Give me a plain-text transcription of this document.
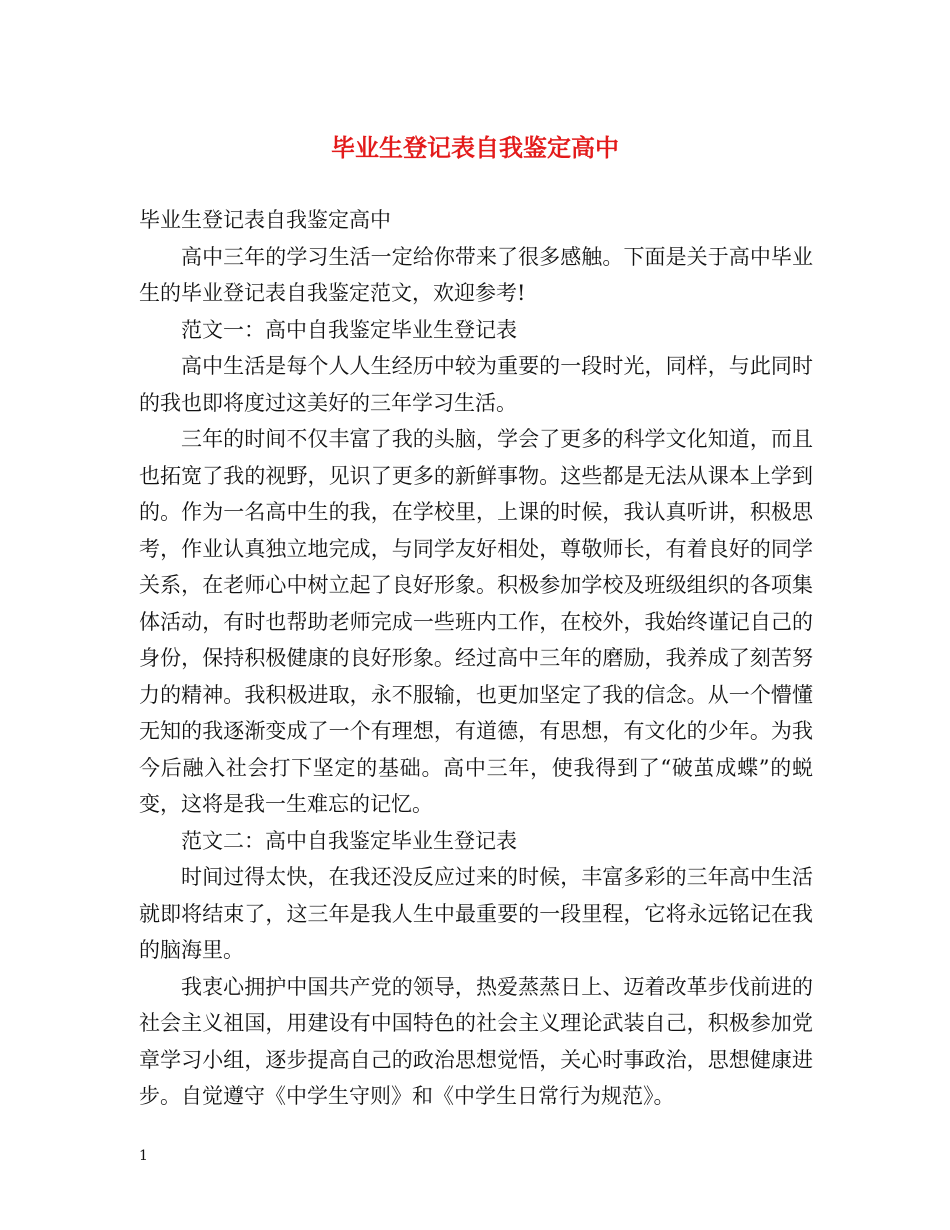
毕业生登记表自我鉴定高中

毕业生登记表自我鉴定高中

高中三年的学习生活一定给你带来了很多感触。下面是关于高中毕业生的毕业登记表自我鉴定范文，欢迎参考!

范文一：高中自我鉴定毕业生登记表

高中生活是每个人人生经历中较为重要的一段时光，同样，与此同时的我也即将度过这美好的三年学习生活。

三年的时间不仅丰富了我的头脑，学会了更多的科学文化知道，而且也拓宽了我的视野，见识了更多的新鲜事物。这些都是无法从课本上学到的。作为一名高中生的我，在学校里，上课的时候，我认真听讲，积极思考，作业认真独立地完成，与同学友好相处，尊敬师长，有着良好的同学关系，在老师心中树立起了良好形象。积极参加学校及班级组织的各项集体活动，有时也帮助老师完成一些班内工作，在校外，我始终谨记自己的身份，保持积极健康的良好形象。经过高中三年的磨励，我养成了刻苦努力的精神。我积极进取，永不服输，也更加坚定了我的信念。从一个懵懂无知的我逐渐变成了一个有理想，有道德，有思想，有文化的少年。为我今后融入社会打下坚定的基础。高中三年，使我得到了“破茧成蝶”的蜕变，这将是我一生难忘的记忆。

范文二：高中自我鉴定毕业生登记表

时间过得太快，在我还没反应过来的时候，丰富多彩的三年高中生活就即将结束了，这三年是我人生中最重要的一段里程，它将永远铭记在我的脑海里。

我衷心拥护中国共产党的领导，热爱蒸蒸日上、迈着改革步伐前进的社会主义祖国，用建设有中国特色的社会主义理论武装自己，积极参加党章学习小组，逐步提高自己的政治思想觉悟，关心时事政治，思想健康进步。自觉遵守《中学生守则》和《中学生日常行为规范》。

1
